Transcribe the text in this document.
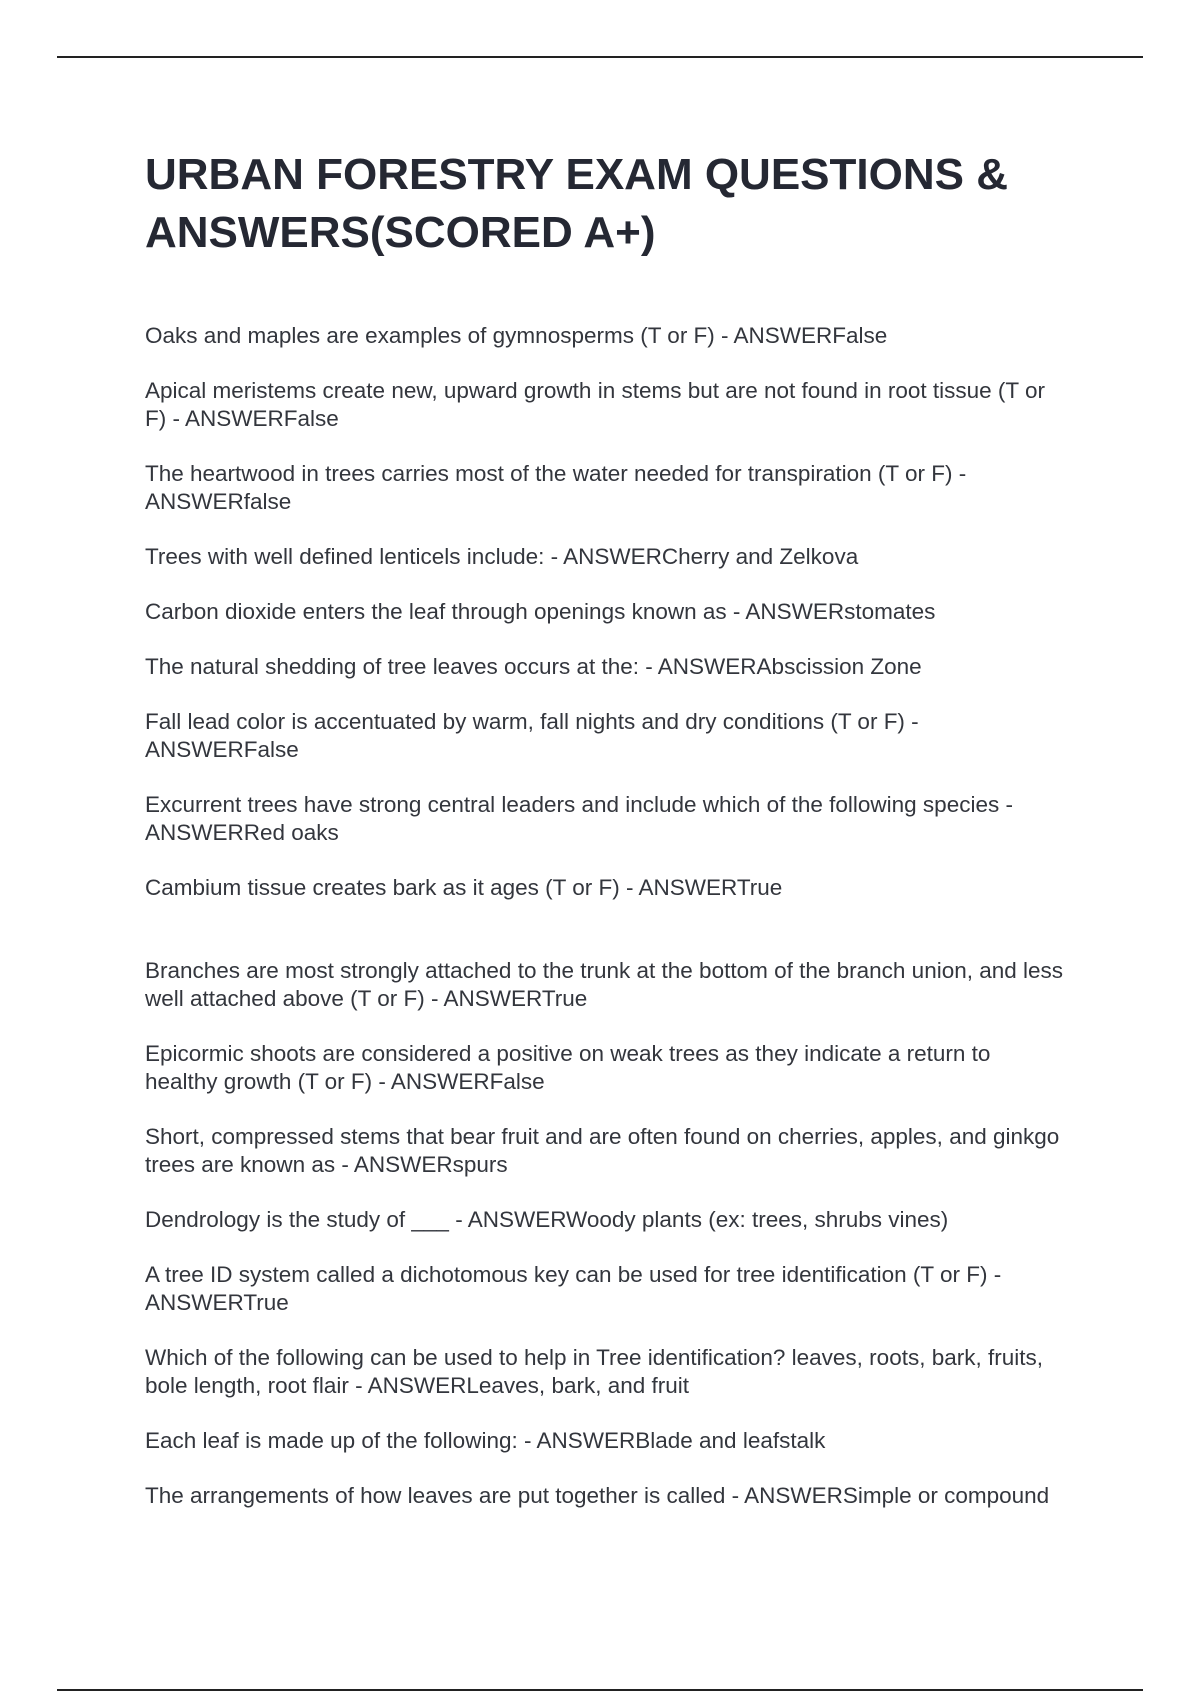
URBAN FORESTRY EXAM QUESTIONS & ANSWERS(SCORED A+)

Oaks and maples are examples of gymnosperms (T or F) - ANSWERFalse

Apical meristems create new, upward growth in stems but are not found in root tissue (T or F) - ANSWERFalse

The heartwood in trees carries most of the water needed for transpiration (T or F) - ANSWERfalse

Trees with well defined lenticels include: - ANSWERCherry and Zelkova

Carbon dioxide enters the leaf through openings known as - ANSWERstomates

The natural shedding of tree leaves occurs at the: - ANSWERAbscission Zone

Fall lead color is accentuated by warm, fall nights and dry conditions (T or F) - ANSWERFalse

Excurrent trees have strong central leaders and include which of the following species - ANSWERRed oaks

Cambium tissue creates bark as it ages (T or F) - ANSWERTrue

Branches are most strongly attached to the trunk at the bottom of the branch union, and less well attached above (T or F) - ANSWERTrue

Epicormic shoots are considered a positive on weak trees as they indicate a return to healthy growth (T or F) - ANSWERFalse

Short, compressed stems that bear fruit and are often found on cherries, apples, and ginkgo trees are known as - ANSWERspurs

Dendrology is the study of ___ - ANSWERWoody plants (ex: trees, shrubs vines)

A tree ID system called a dichotomous key can be used for tree identification (T or F) - ANSWERTrue

Which of the following can be used to help in Tree identification? leaves, roots, bark, fruits, bole length, root flair - ANSWERLeaves, bark, and fruit

Each leaf is made up of the following: - ANSWERBlade and leafstalk

The arrangements of how leaves are put together is called - ANSWERSimple or compound
